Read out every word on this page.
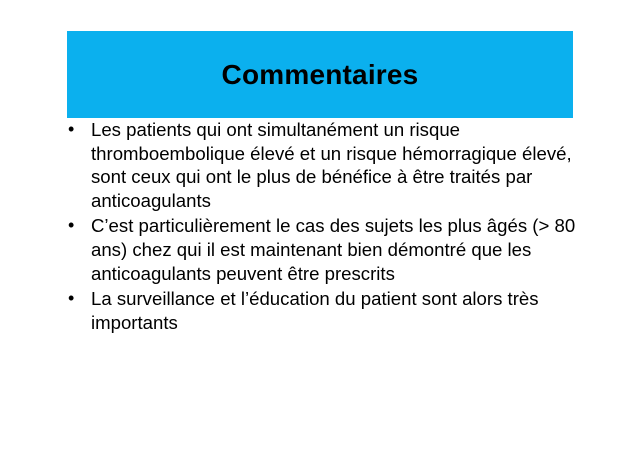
Commentaires
• Les patients qui ont simultanément un risque thromboembolique élevé et un risque hémorragique élevé, sont ceux qui ont le plus de bénéfice à être traités par anticoagulants
• C’est particulièrement le cas des sujets les plus âgés (> 80 ans) chez qui il est maintenant bien démontré que les anticoagulants peuvent être prescrits
• La surveillance et l’éducation du patient sont alors très importants
